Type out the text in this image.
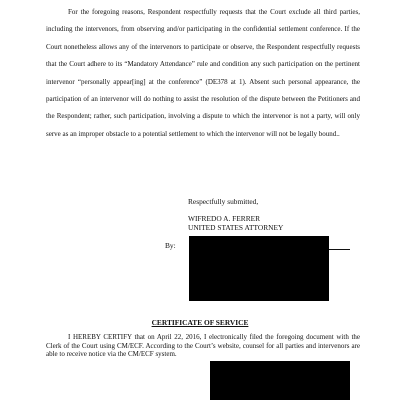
For the foregoing reasons, Respondent respectfully requests that the Court exclude all third parties, including the intervenors, from observing and/or participating in the confidential settlement conference. If the Court nonetheless allows any of the intervenors to participate or observe, the Respondent respectfully requests that the Court adhere to its “Mandatory Attendance” rule and condition any such participation on the pertinent intervenor “personally appear[ing] at the conference” (DE378 at 1). Absent such personal appearance, the participation of an intervenor will do nothing to assist the resolution of the dispute between the Petitioners and the Respondent; rather, such participation, involving a dispute to which the intervenor is not a party, will only serve as an improper obstacle to a potential settlement to which the intervenor will not be legally bound..

Respectfully submitted,
WIFREDO A. FERRER
UNITED STATES ATTORNEY
By:
CERTIFICATE OF SERVICE

I HEREBY CERTIFY that on April 22, 2016, I electronically filed the foregoing document with the Clerk of the Court using CM/ECF. According to the Court’s website, counsel for all parties and intervenors are able to receive notice via the CM/ECF system.
